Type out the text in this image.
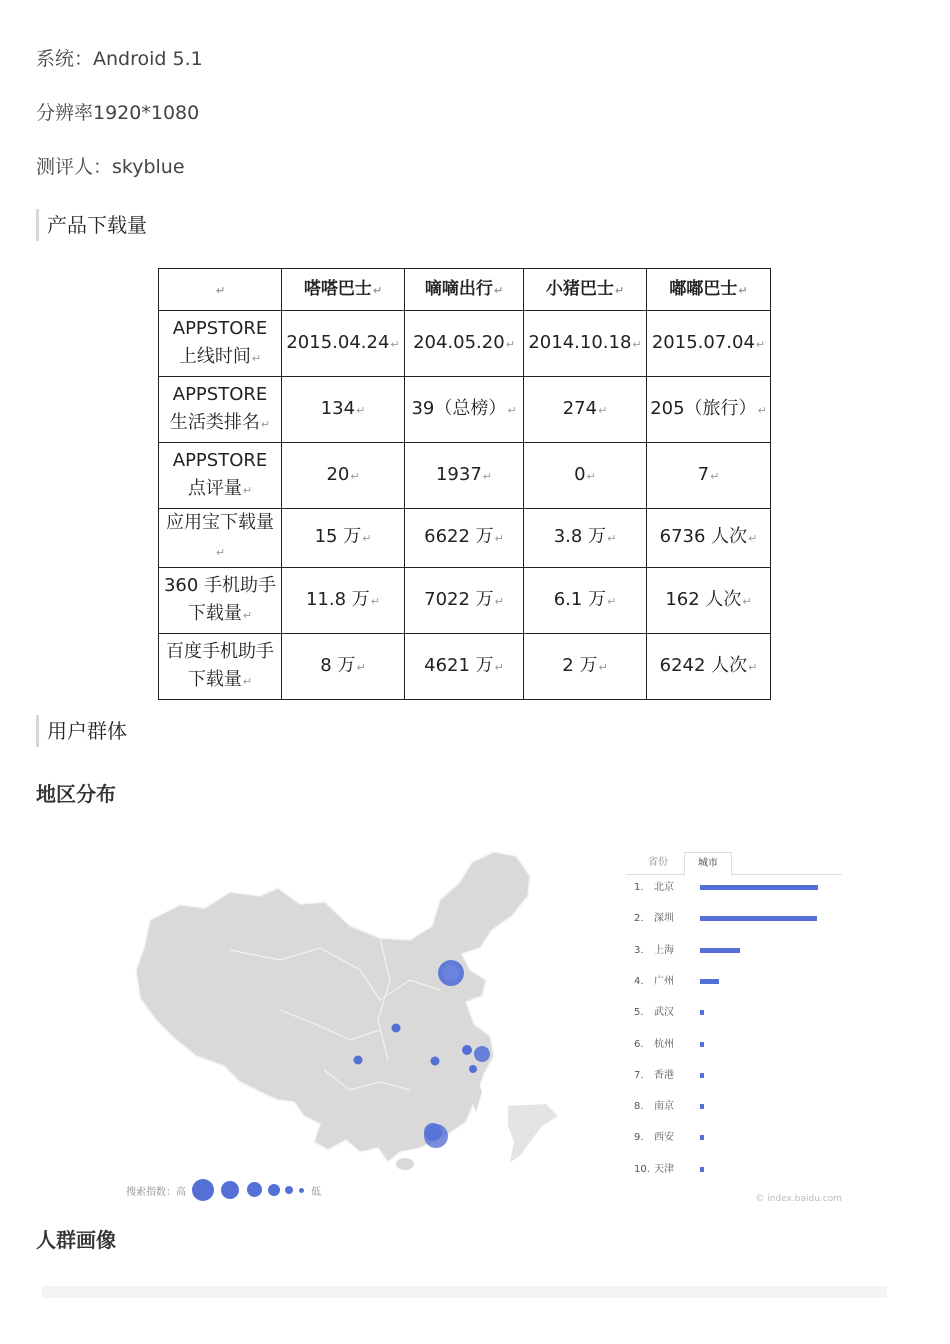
系统：Android 5.1
分辨率1920*1080
测评人：skyblue
产品下载量
↵	嗒嗒巴士↵	嘀嘀出行↵	小猪巴士↵	嘟嘟巴士↵
APPSTORE
上线时间↵	2015.04.24↵	204.05.20↵	2014.10.18↵	2015.07.04↵
APPSTORE
生活类排名↵	134↵	39（总榜）↵	274↵	205（旅行）↵
APPSTORE
点评量↵	20↵	1937↵	0↵	7↵
应用宝下载量↵	15 万↵	6622 万↵	3.8 万↵	6736 人次↵
360 手机助手
下载量↵	11.8 万↵	7022 万↵	6.1 万↵	162 人次↵
百度手机助手
下载量↵	8 万↵	4621 万↵	2 万↵	6242 人次↵
用户群体
地区分布
搜索指数：高	低
省份	城市
1.	北京
2.	深圳
3.	上海
4.	广州
5.	武汉
6.	杭州
7.	香港
8.	南京
9.	西安
10. 天津
© index.baidu.com
人群画像
